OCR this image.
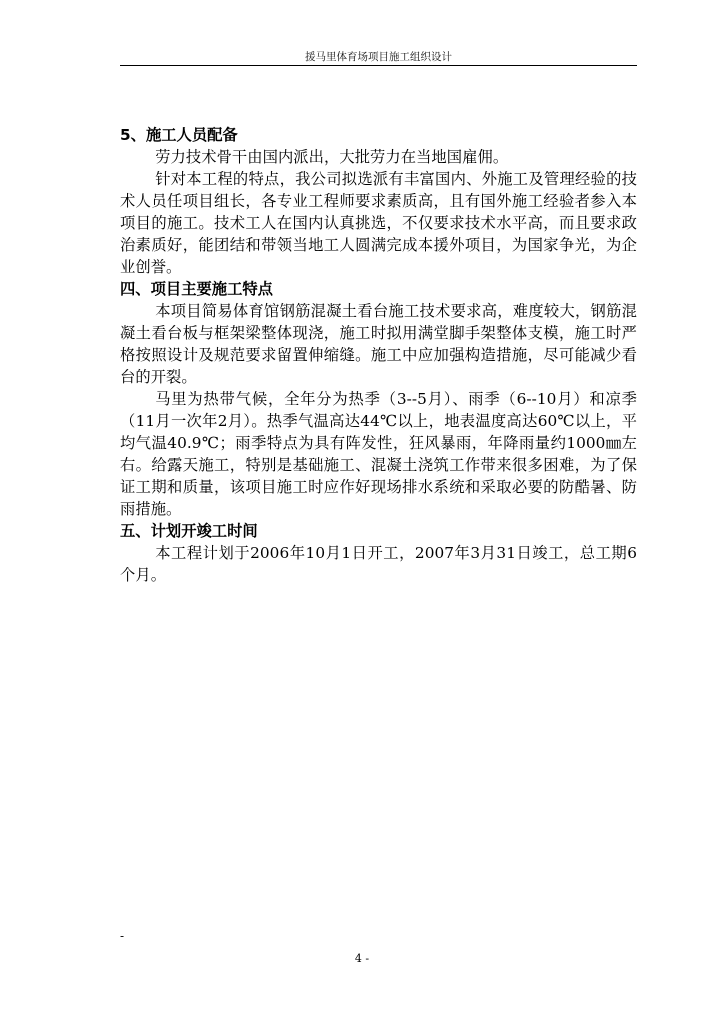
援马里体育场项目施工组织设计
5、施工人员配备
劳力技术骨干由国内派出，大批劳力在当地国雇佣。
针对本工程的特点，我公司拟选派有丰富国内、外施工及管理经验的技术人员任项目组长，各专业工程师要求素质高，且有国外施工经验者参入本项目的施工。技术工人在国内认真挑选，不仅要求技术水平高，而且要求政治素质好，能团结和带领当地工人圆满完成本援外项目，为国家争光，为企业创誉。
四、项目主要施工特点
本项目简易体育馆钢筋混凝土看台施工技术要求高，难度较大，钢筋混凝土看台板与框架梁整体现浇，施工时拟用满堂脚手架整体支模，施工时严格按照设计及规范要求留置伸缩缝。施工中应加强构造措施，尽可能减少看台的开裂。
马里为热带气候，全年分为热季（3--5月）、雨季（6--10月）和凉季（11月一次年2月）。热季气温高达44℃以上，地表温度高达60℃以上，平均气温40.9℃；雨季特点为具有阵发性，狂风暴雨，年降雨量约1000㎜左右。给露天施工，特别是基础施工、混凝土浇筑工作带来很多困难，为了保证工期和质量，该项目施工时应作好现场排水系统和采取必要的防酷暑、防雨措施。
五、计划开竣工时间
本工程计划于2006年10月1日开工，2007年3月31日竣工，总工期6个月。
-
4 -
